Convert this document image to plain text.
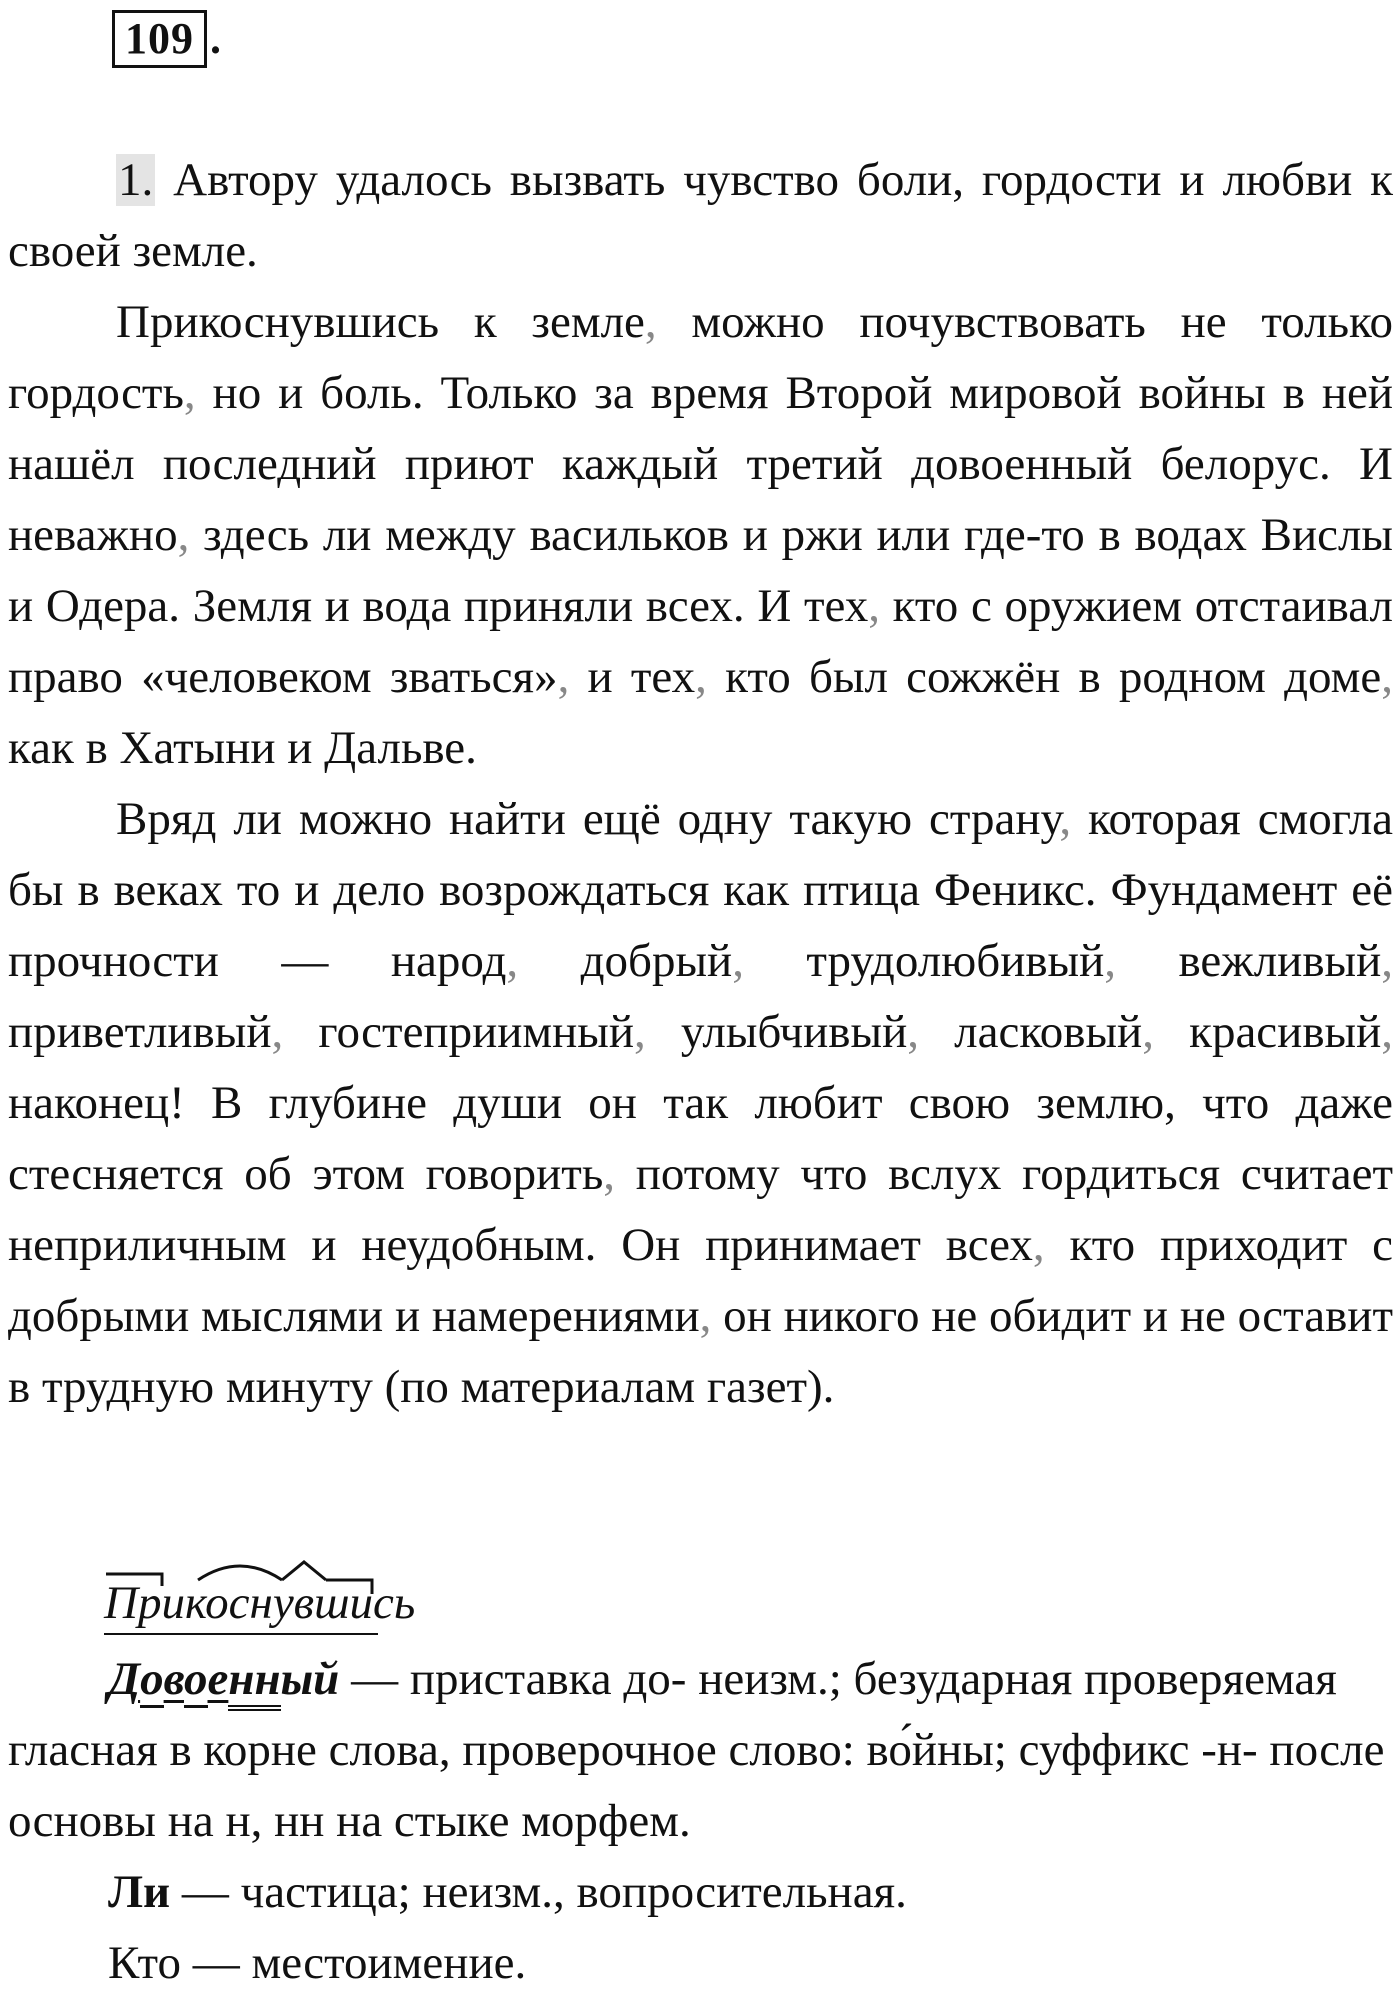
109 .

1. Автору удалось вызвать чувство боли, гордости и любви к своей земле.

Прикоснувшись к земле, можно почувствовать не только гордость, но и боль. Только за время Второй мировой войны в ней нашёл последний приют каждый третий довоенный белорус. И неважно, здесь ли между васильков и ржи или где-то в водах Вислы и Одера. Земля и вода приняли всех. И тех, кто с оружием отстаивал право «человеком зваться», и тех, кто был сожжён в родном доме, как в Хатыни и Дальве.

Вряд ли можно найти ещё одну такую страну, которая смогла бы в веках то и дело возрождаться как птица Феникс. Фундамент её прочности — народ, добрый, трудолюбивый, вежливый, приветливый, гостеприимный, улыбчивый, ласковый, красивый, наконец! В глубине души он так любит свою землю, что даже стесняется об этом говорить, потому что вслух гордиться считает неприличным и неудобным. Он принимает всех, кто приходит с добрыми мыслями и намерениями, он никого не обидит и не оставит в трудную минуту (по материалам газет).

Прикоснувшись

Довоенный — приставка до- неизм.; безударная проверяемая гласная в корне слова, проверочное слово: во́йны; суффикс -н- после основы на н, нн на стыке морфем.

Ли — частица; неизм., вопросительная.

Кто — местоимение.
